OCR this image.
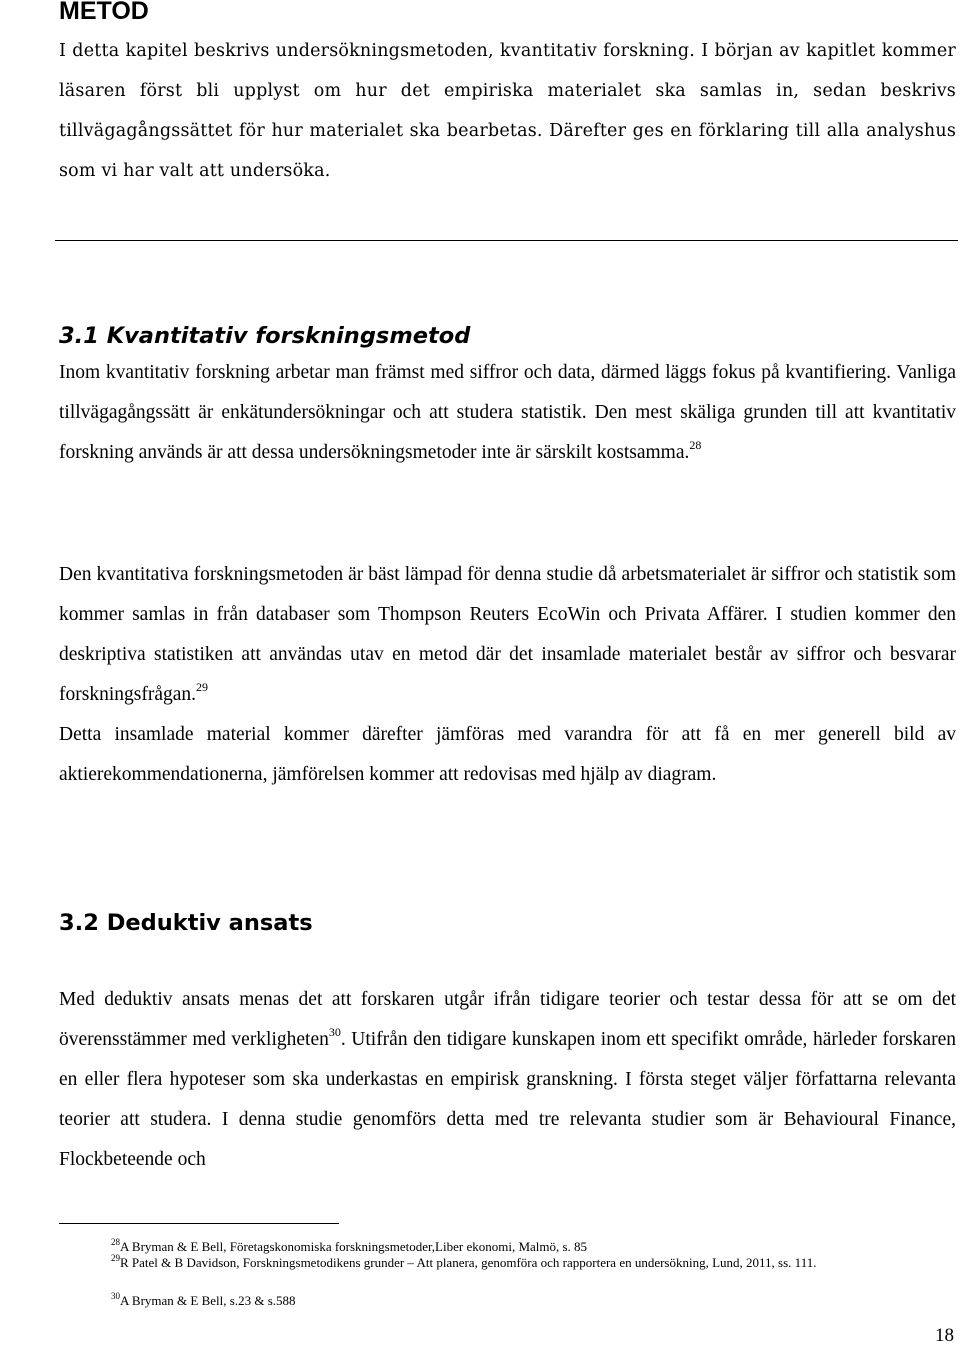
METOD

I detta kapitel beskrivs undersökningsmetoden, kvantitativ forskning. I början av kapitlet kommer läsaren först bli upplyst om hur det empiriska materialet ska samlas in, sedan beskrivs tillvägagångssättet för hur materialet ska bearbetas. Därefter ges en förklaring till alla analyshus som vi har valt att undersöka.

3.1 Kvantitativ forskningsmetod

Inom kvantitativ forskning arbetar man främst med siffror och data, därmed läggs fokus på kvantifiering. Vanliga tillvägagångssätt är enkätundersökningar och att studera statistik. Den mest skäliga grunden till att kvantitativ forskning används är att dessa undersökningsmetoder inte är särskilt kostsamma.$^{28}$

Den kvantitativa forskningsmetoden är bäst lämpad för denna studie då arbetsmaterialet är siffror och statistik som kommer samlas in från databaser som Thompson Reuters EcoWin och Privata Affärer. I studien kommer den deskriptiva statistiken att användas utav en metod där det insamlade materialet består av siffror och besvarar forskningsfrågan.$^{29}$

Detta insamlade material kommer därefter jämföras med varandra för att få en mer generell bild av aktierekommendationerna, jämförelsen kommer att redovisas med hjälp av diagram.

3.2 Deduktiv ansats

Med deduktiv ansats menas det att forskaren utgår ifrån tidigare teorier och testar dessa för att se om det överensstämmer med verkligheten$^{30}$. Utifrån den tidigare kunskapen inom ett specifikt område, härleder forskaren en eller flera hypoteser som ska underkastas en empirisk granskning. I första steget väljer författarna relevanta teorier att studera. I denna studie genomförs detta med tre relevanta studier som är Behavioural Finance, Flockbeteende och

$^{28}$A Bryman & E Bell, Företagskonomiska forskningsmetoder,Liber ekonomi, Malmö, s. 85

$^{29}$R Patel & B Davidson, Forskningsmetodikens grunder – Att planera, genomföra och rapportera en undersökning, Lund, 2011, ss. 111.

$^{30}$A Bryman & E Bell, s.23 & s.588

18
